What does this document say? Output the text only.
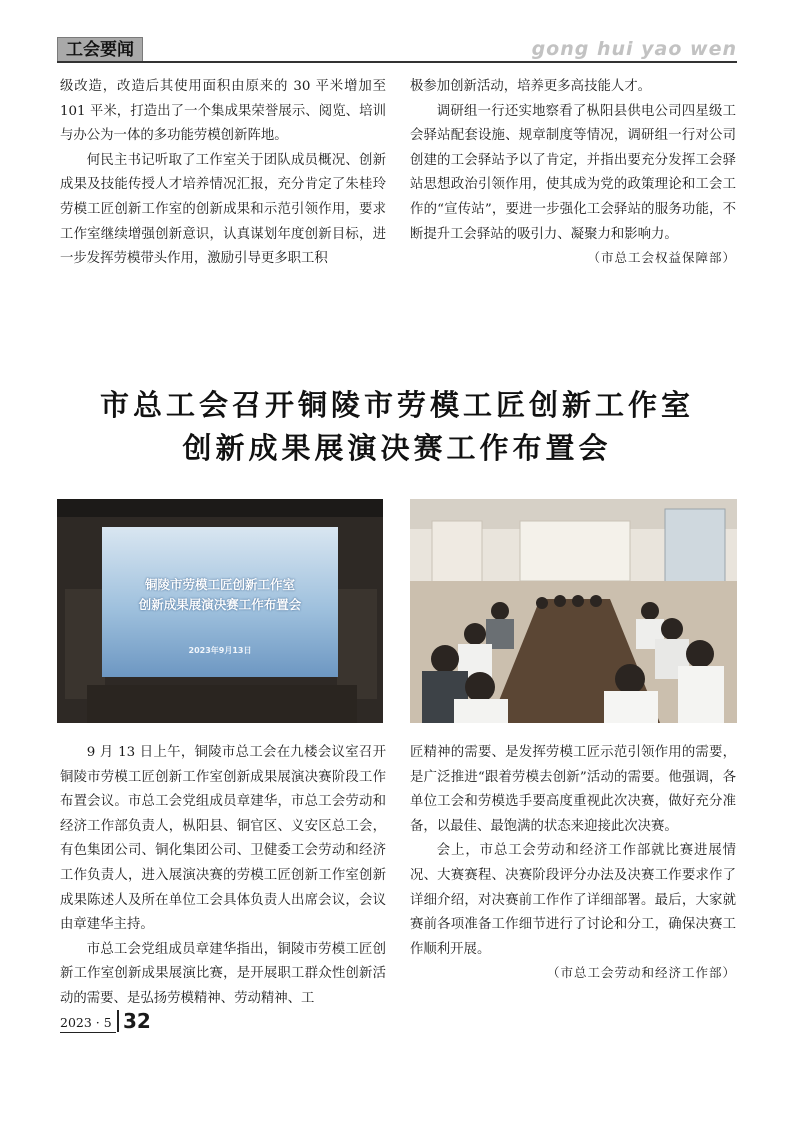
工会要闻	gong hui yao wen

级改造，改造后其使用面积由原来的 30 平米增加至 101 平米，打造出了一个集成果荣誉展示、阅览、培训与办公为一体的多功能劳模创新阵地。

何民主书记听取了工作室关于团队成员概况、创新成果及技能传授人才培养情况汇报，充分肯定了朱桂玲劳模工匠创新工作室的创新成果和示范引领作用，要求工作室继续增强创新意识，认真谋划年度创新目标，进一步发挥劳模带头作用，激励引导更多职工积

极参加创新活动，培养更多高技能人才。

调研组一行还实地察看了枞阳县供电公司四星级工会驿站配套设施、规章制度等情况，调研组一行对公司创建的工会驿站予以了肯定，并指出要充分发挥工会驿站思想政治引领作用，使其成为党的政策理论和工会工作的“宣传站”，要进一步强化工会驿站的服务功能，不断提升工会驿站的吸引力、凝聚力和影响力。

（市总工会权益保障部）
市总工会召开铜陵市劳模工匠创新工作室
创新成果展演决赛工作布置会
铜陵市劳模工匠创新工作室
创新成果展演决赛工作布置会
2023年9月13日

9 月 13 日上午，铜陵市总工会在九楼会议室召开铜陵市劳模工匠创新工作室创新成果展演决赛阶段工作布置会议。市总工会党组成员章建华，市总工会劳动和经济工作部负责人，枞阳县、铜官区、义安区总工会，有色集团公司、铜化集团公司、卫健委工会劳动和经济工作负责人，进入展演决赛的劳模工匠创新工作室创新成果陈述人及所在单位工会具体负责人出席会议，会议由章建华主持。

市总工会党组成员章建华指出，铜陵市劳模工匠创新工作室创新成果展演比赛，是开展职工群众性创新活动的需要、是弘扬劳模精神、劳动精神、工

匠精神的需要、是发挥劳模工匠示范引领作用的需要，是广泛推进“跟着劳模去创新”活动的需要。他强调，各单位工会和劳模选手要高度重视此次决赛，做好充分准备，以最佳、最饱满的状态来迎接此次决赛。

会上，市总工会劳动和经济工作部就比赛进展情况、大赛赛程、决赛阶段评分办法及决赛工作要求作了详细介绍，对决赛前工作作了详细部署。最后，大家就赛前各项准备工作细节进行了讨论和分工，确保决赛工作顺利开展。

（市总工会劳动和经济工作部）
2023 · 5 32
